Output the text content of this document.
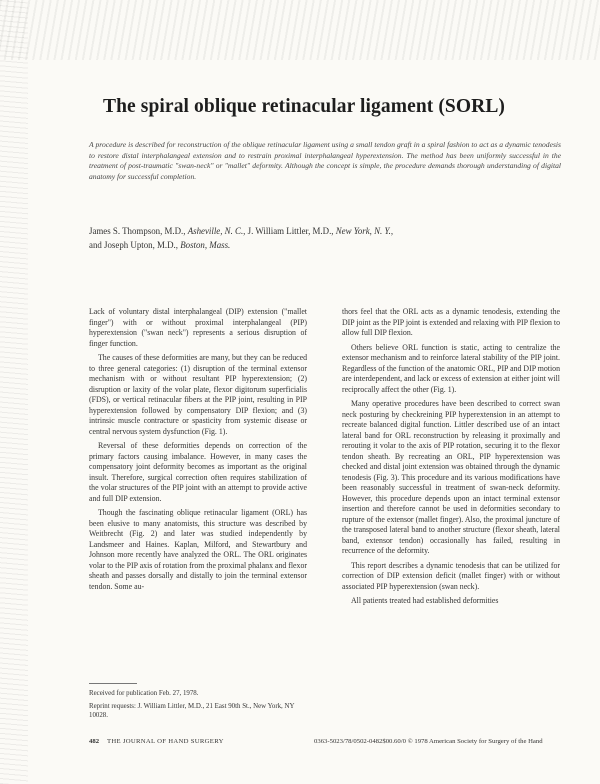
The spiral oblique retinacular ligament (SORL)
A procedure is described for reconstruction of the oblique retinacular ligament using a small tendon graft in a spiral fashion to act as a dynamic tenodesis to restore distal interphalangeal extension and to restrain proximal interphalangeal hyperextension. The method has been uniformly successful in the treatment of post-traumatic "swan-neck" or "mallet" deformity. Although the concept is simple, the procedure demands thorough understanding of digital anatomy for successful completion.
James S. Thompson, M.D., Asheville, N. C., J. William Littler, M.D., New York, N. Y.,
and Joseph Upton, M.D., Boston, Mass.

Lack of voluntary distal interphalangeal (DIP) extension ("mallet finger") with or without proximal interphalangeal (PIP) hyperextension ("swan neck") represents a serious disruption of finger function.

The causes of these deformities are many, but they can be reduced to three general categories: (1) disruption of the terminal extensor mechanism with or without resultant PIP hyperextension; (2) disruption or laxity of the volar plate, flexor digitorum superficialis (FDS), or vertical retinacular fibers at the PIP joint, resulting in PIP hyperextension followed by compensatory DIP flexion; and (3) intrinsic muscle contracture or spasticity from systemic disease or central nervous system dysfunction (Fig. 1).

Reversal of these deformities depends on correction of the primary factors causing imbalance. However, in many cases the compensatory joint deformity becomes as important as the original insult. Therefore, surgical correction often requires stabilization of the volar structures of the PIP joint with an attempt to provide active and full DIP extension.

Though the fascinating oblique retinacular ligament (ORL) has been elusive to many anatomists, this structure was described by Weitbrecht (Fig. 2) and later was studied independently by Landsmeer and Haines. Kaplan, Milford, and Stewartbury and Johnson more recently have analyzed the ORL. The ORL originates volar to the PIP axis of rotation from the proximal phalanx and flexor sheath and passes dorsally and distally to join the terminal extensor tendon. Some au-

thors feel that the ORL acts as a dynamic tenodesis, extending the DIP joint as the PIP joint is extended and relaxing with PIP flexion to allow full DIP flexion.

Others believe ORL function is static, acting to centralize the extensor mechanism and to reinforce lateral stability of the PIP joint. Regardless of the function of the anatomic ORL, PIP and DIP motion are interdependent, and lack or excess of extension at either joint will reciprocally affect the other (Fig. 1).

Many operative procedures have been described to correct swan neck posturing by checkreining PIP hyperextension in an attempt to recreate balanced digital function. Littler described use of an intact lateral band for ORL reconstruction by releasing it proximally and rerouting it volar to the axis of PIP rotation, securing it to the flexor tendon sheath. By recreating an ORL, PIP hyperextension was checked and distal joint extension was obtained through the dynamic tenodesis (Fig. 3). This procedure and its various modifications have been reasonably successful in treatment of swan-neck deformity. However, this procedure depends upon an intact terminal extensor insertion and therefore cannot be used in deformities secondary to rupture of the extensor (mallet finger). Also, the proximal juncture of the transposed lateral band to another structure (flexor sheath, lateral band, extensor tendon) occasionally has failed, resulting in recurrence of the deformity.

This report describes a dynamic tenodesis that can be utilized for correction of DIP extension deficit (mallet finger) with or without associated PIP hyperextension (swan neck).

All patients treated had established deformities

Received for publication Feb. 27, 1978.
Reprint requests: J. William Littler, M.D., 21 East 90th St., New York, NY 10028.
482 THE JOURNAL OF HAND SURGERY	0363-5023/78/0502-0482$00.60/0 © 1978 American Society for Surgery of the Hand
